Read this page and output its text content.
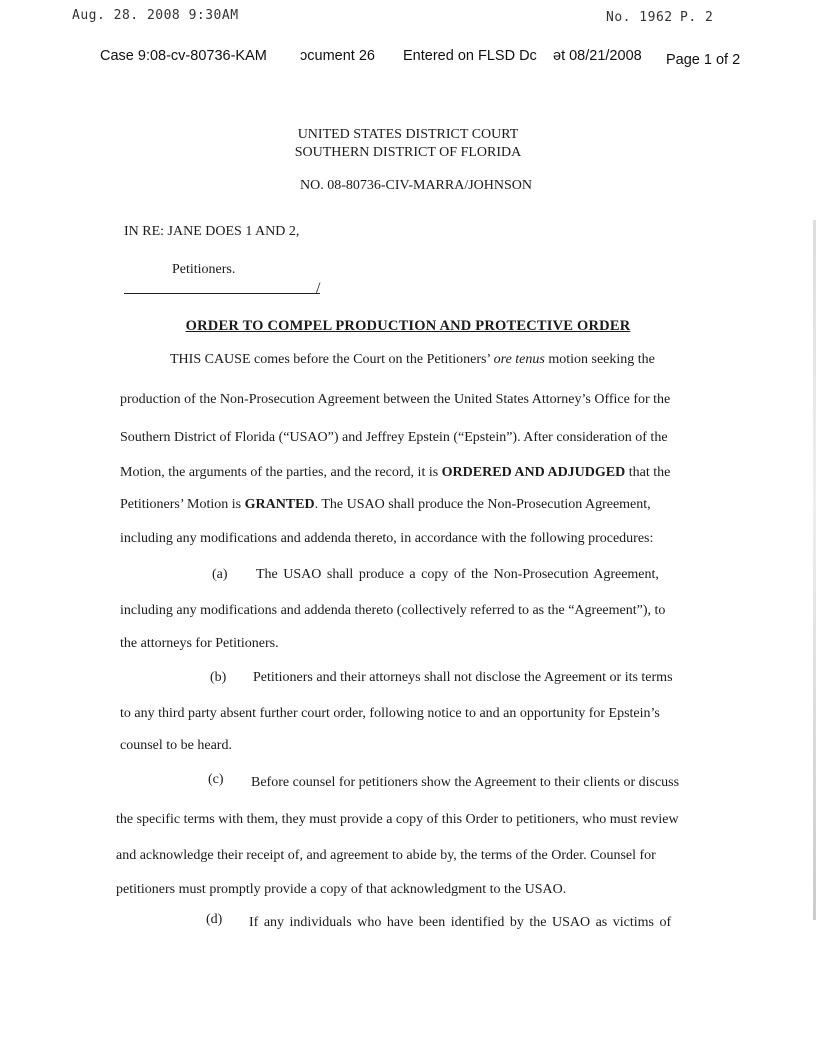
Aug. 28. 2008 9:30AM	No. 1962 P. 2
Case 9:08-cv-80736-KAM ɔcument 26 Entered on FLSD Dc ət 08/21/2008 Page 1 of 2
UNITED STATES DISTRICT COURT
SOUTHERN DISTRICT OF FLORIDA
NO. 08-80736-CIV-MARRA/JOHNSON
IN RE: JANE DOES 1 AND 2,
Petitioners.
/
ORDER TO COMPEL PRODUCTION AND PROTECTIVE ORDER
THIS CAUSE comes before the Court on the Petitioners’ ore tenus motion seeking the
production of the Non-Prosecution Agreement between the United States Attorney’s Office for the
Southern District of Florida (“USAO”) and Jeffrey Epstein (“Epstein”). After consideration of the
Motion, the arguments of the parties, and the record, it is ORDERED AND ADJUDGED that the
Petitioners’ Motion is GRANTED. The USAO shall produce the Non-Prosecution Agreement,
including any modifications and addenda thereto, in accordance with the following procedures:
(a) The USAO shall produce a copy of the Non-Prosecution Agreement,
including any modifications and addenda thereto (collectively referred to as the “Agreement”), to
the attorneys for Petitioners.
(b) Petitioners and their attorneys shall not disclose the Agreement or its terms
to any third party absent further court order, following notice to and an opportunity for Epstein’s
counsel to be heard.
(c) Before counsel for petitioners show the Agreement to their clients or discuss
the specific terms with them, they must provide a copy of this Order to petitioners, who must review
and acknowledge their receipt of, and agreement to abide by, the terms of the Order. Counsel for
petitioners must promptly provide a copy of that acknowledgment to the USAO.
(d) If any individuals who have been identified by the USAO as victims of
